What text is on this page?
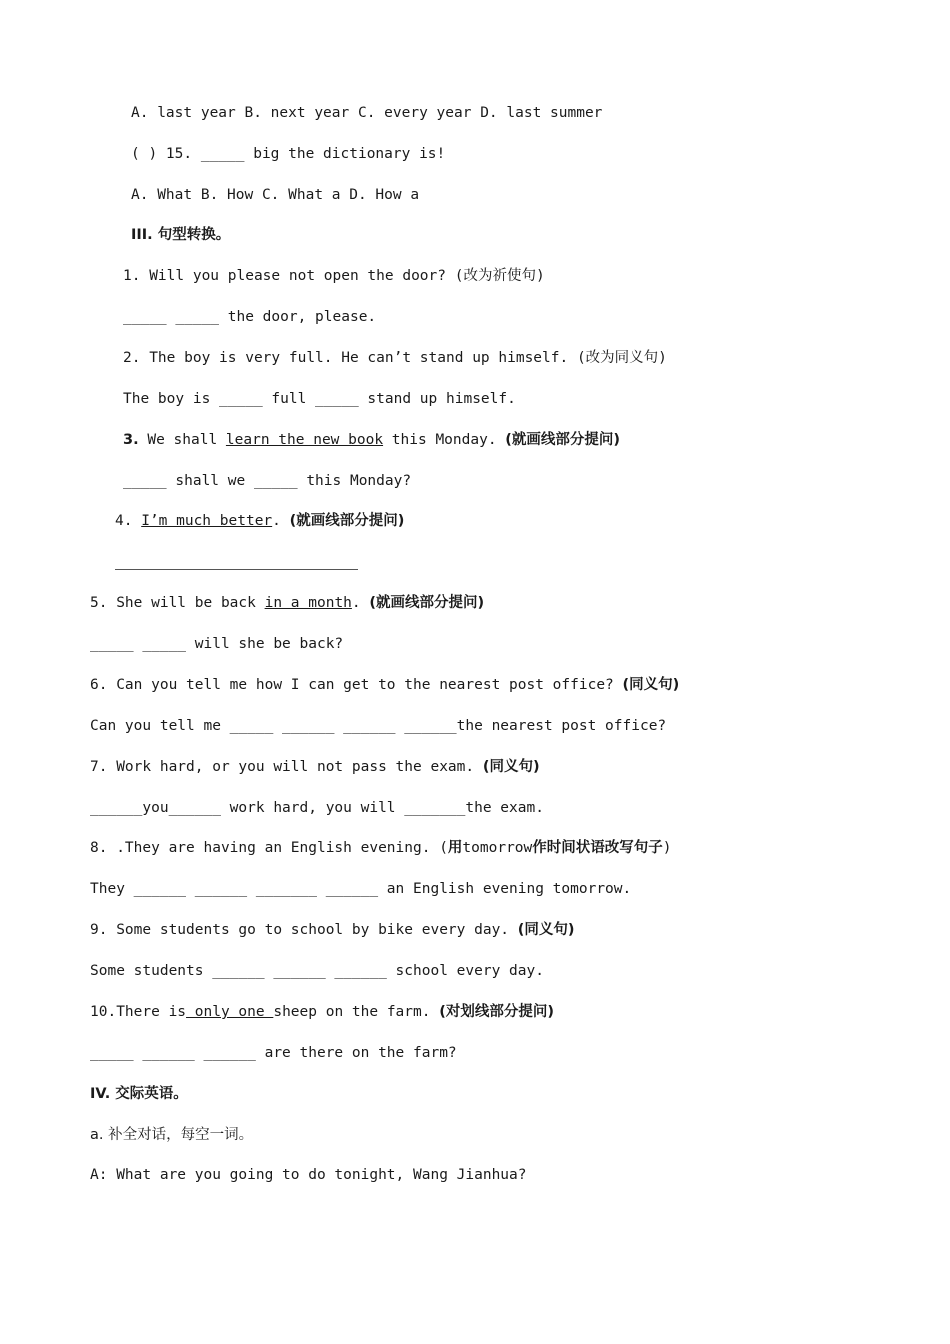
A. last year B. next year C. every year D. last summer
( ) 15. _____ big the dictionary is!
A. What B. How C. What a D. How a
III. 句型转换。
1. Will you please not open the door? (改为祈使句)
_____ _____ the door, please.
2. The boy is very full. He can’t stand up himself. (改为同义句)
The boy is _____ full _____ stand up himself.
3. We shall learn the new book this Monday. (就画线部分提问)
_____ shall we _____ this Monday?
4. I’m much better. (就画线部分提问)
5. She will be back in a month. (就画线部分提问)
_____ _____ will she be back?
6. Can you tell me how I can get to the nearest post office? (同义句)
Can you tell me _____ ______ ______ ______the nearest post office?
7. Work hard, or you will not pass the exam. (同义句)
______you______ work hard, you will _______the exam.
8. .They are having an English evening. (用tomorrow作时间状语改写句子)
They ______ ______ _______ ______ an English evening tomorrow.
9. Some students go to school by bike every day. (同义句)
Some students ______ ______ ______ school every day.
10.There is only one sheep on the farm. (对划线部分提问)
_____ ______ ______ are there on the farm?
IV. 交际英语。
a. 补全对话，每空一词。
A: What are you going to do tonight, Wang Jianhua?
